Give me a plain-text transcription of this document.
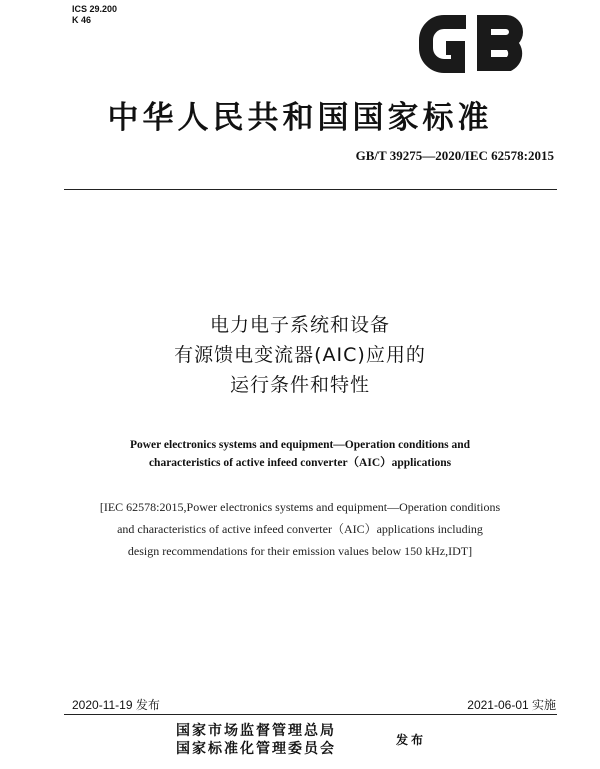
ICS 29.200
K 46
GB
中华人民共和国国家标准
GB/T 39275—2020/IEC 62578:2015
电力电子系统和设备
有源馈电变流器(AIC)应用的
运行条件和特性
Power electronics systems and equipment—Operation conditions and
characteristics of active infeed converter（AIC）applications
[IEC 62578:2015,Power electronics systems and equipment—Operation conditions
and characteristics of active infeed converter（AIC）applications including
design recommendations for their emission values below 150 kHz,IDT]
2020-11-19 发布	2021-06-01 实施
国家市场监督管理总局
国家标准化管理委员会
发布
